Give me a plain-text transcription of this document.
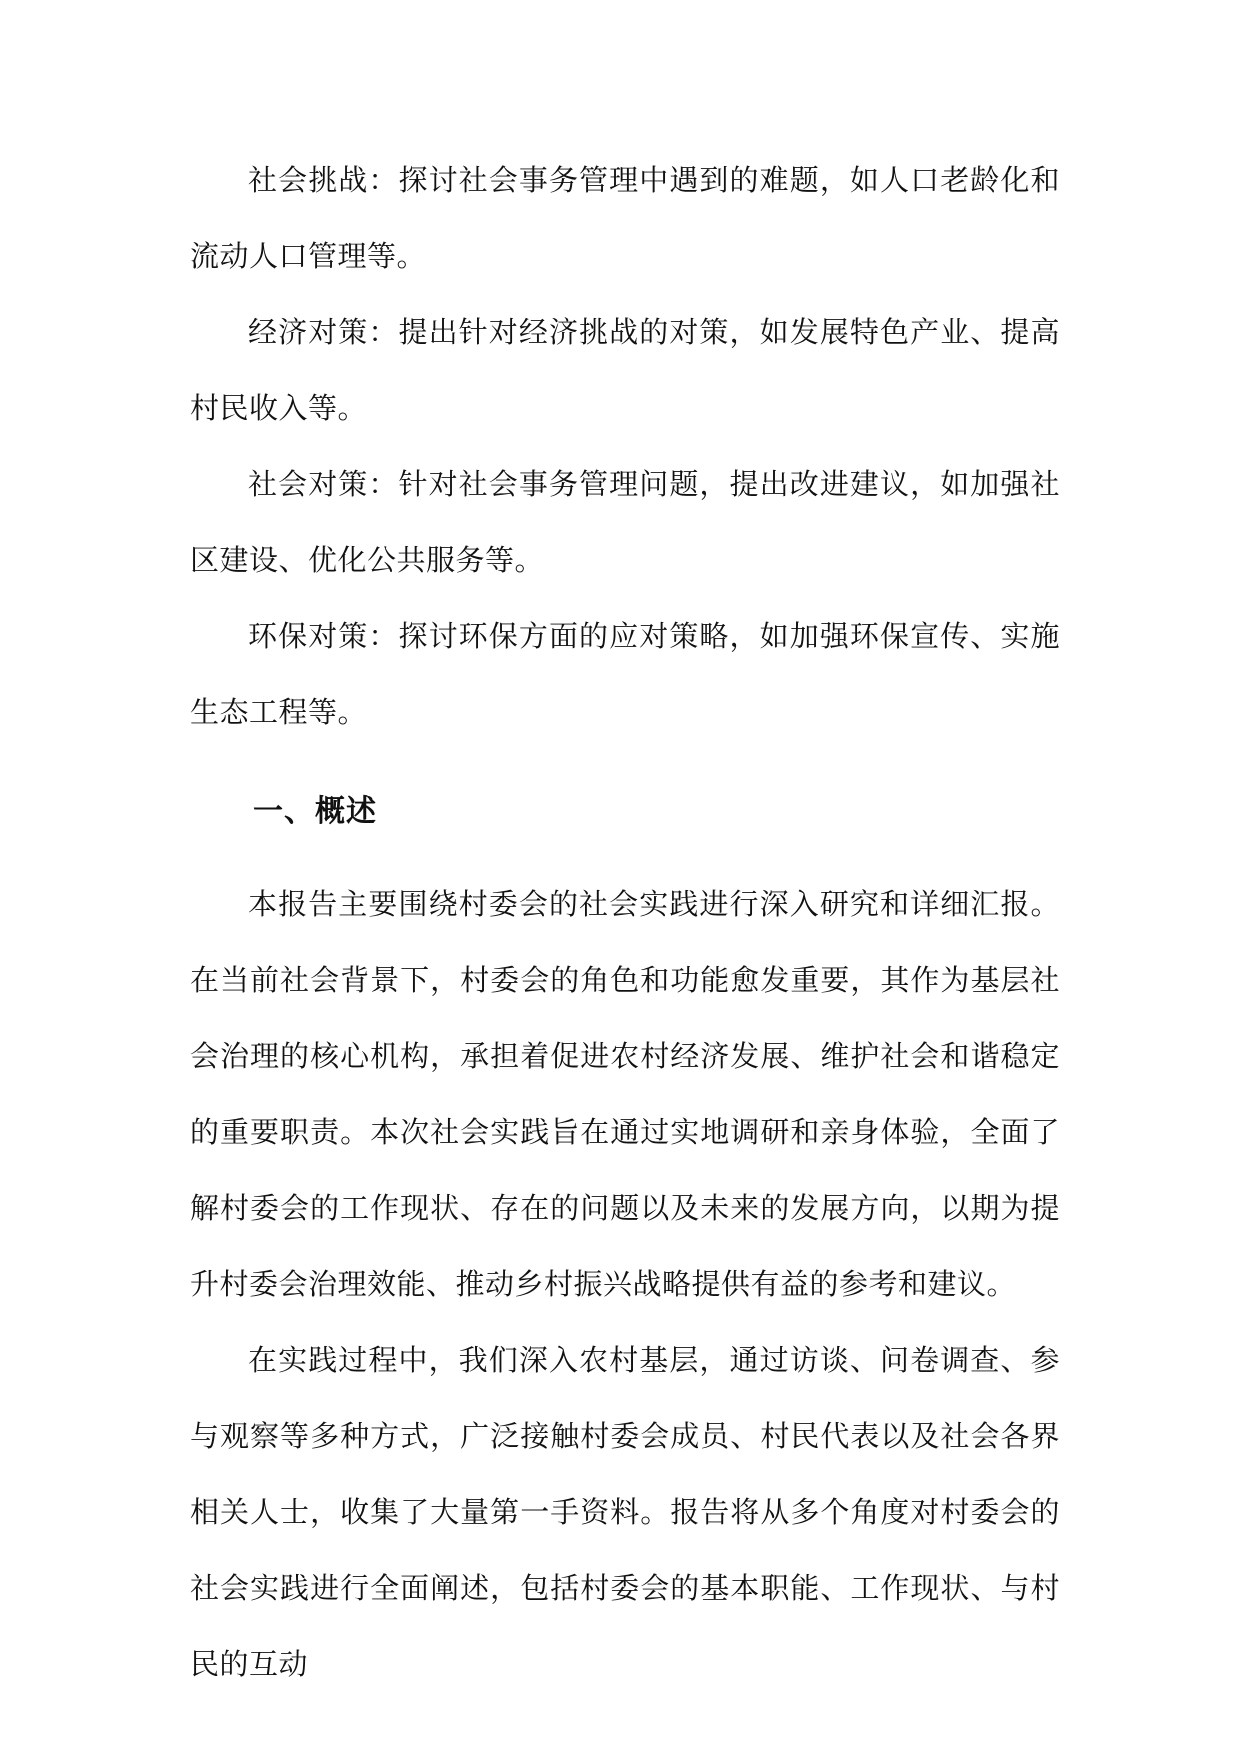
社会挑战：探讨社会事务管理中遇到的难题，如人口老龄化和流动人口管理等。

经济对策：提出针对经济挑战的对策，如发展特色产业、提高村民收入等。

社会对策：针对社会事务管理问题，提出改进建议，如加强社区建设、优化公共服务等。

环保对策：探讨环保方面的应对策略，如加强环保宣传、实施生态工程等。

一、概述

本报告主要围绕村委会的社会实践进行深入研究和详细汇报。在当前社会背景下，村委会的角色和功能愈发重要，其作为基层社会治理的核心机构，承担着促进农村经济发展、维护社会和谐稳定的重要职责。本次社会实践旨在通过实地调研和亲身体验，全面了解村委会的工作现状、存在的问题以及未来的发展方向，以期为提升村委会治理效能、推动乡村振兴战略提供有益的参考和建议。

在实践过程中，我们深入农村基层，通过访谈、问卷调查、参与观察等多种方式，广泛接触村委会成员、村民代表以及社会各界相关人士，收集了大量第一手资料。报告将从多个角度对村委会的社会实践进行全面阐述，包括村委会的基本职能、工作现状、与村民的互动
